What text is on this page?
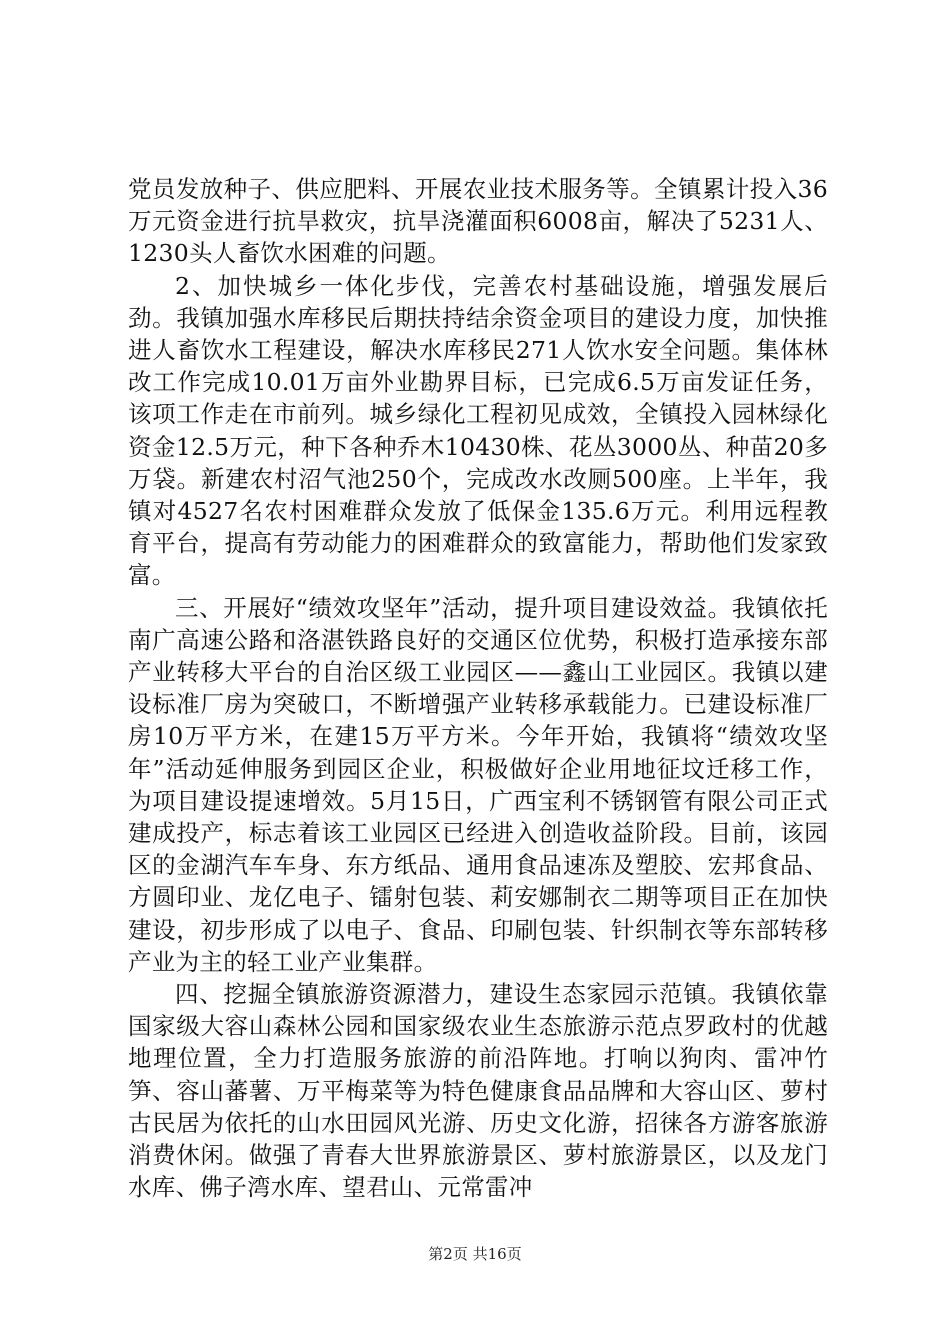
党员发放种子、供应肥料、开展农业技术服务等。全镇累计投入36万元资金进行抗旱救灾，抗旱浇灌面积6008亩，解决了5231人、1230头人畜饮水困难的问题。

2、加快城乡一体化步伐，完善农村基础设施，增强发展后劲。我镇加强水库移民后期扶持结余资金项目的建设力度，加快推进人畜饮水工程建设，解决水库移民271人饮水安全问题。集体林改工作完成10.01万亩外业勘界目标，已完成6.5万亩发证任务，该项工作走在市前列。城乡绿化工程初见成效，全镇投入园林绿化资金12.5万元，种下各种乔木10430株、花丛3000丛、种苗20多万袋。新建农村沼气池250个，完成改水改厕500座。上半年，我镇对4527名农村困难群众发放了低保金135.6万元。利用远程教育平台，提高有劳动能力的困难群众的致富能力，帮助他们发家致富。

三、开展好“绩效攻坚年”活动，提升项目建设效益。我镇依托南广高速公路和洛湛铁路良好的交通区位优势，积极打造承接东部产业转移大平台的自治区级工业园区——鑫山工业园区。我镇以建设标准厂房为突破口，不断增强产业转移承载能力。已建设标准厂房10万平方米，在建15万平方米。今年开始，我镇将“绩效攻坚年”活动延伸服务到园区企业，积极做好企业用地征坟迁移工作，为项目建设提速增效。5月15日，广西宝利不锈钢管有限公司正式建成投产，标志着该工业园区已经进入创造收益阶段。目前，该园区的金湖汽车车身、东方纸品、通用食品速冻及塑胶、宏邦食品、方圆印业、龙亿电子、镭射包装、莉安娜制衣二期等项目正在加快建设，初步形成了以电子、食品、印刷包装、针织制衣等东部转移产业为主的轻工业产业集群。

四、挖掘全镇旅游资源潜力，建设生态家园示范镇。我镇依靠国家级大容山森林公园和国家级农业生态旅游示范点罗政村的优越地理位置，全力打造服务旅游的前沿阵地。打响以狗肉、雷冲竹笋、容山蕃薯、万平梅菜等为特色健康食品品牌和大容山区、萝村古民居为依托的山水田园风光游、历史文化游，招徕各方游客旅游消费休闲。做强了青春大世界旅游景区、萝村旅游景区，以及龙门水库、佛子湾水库、望君山、元常雷冲

第2页 共16页
